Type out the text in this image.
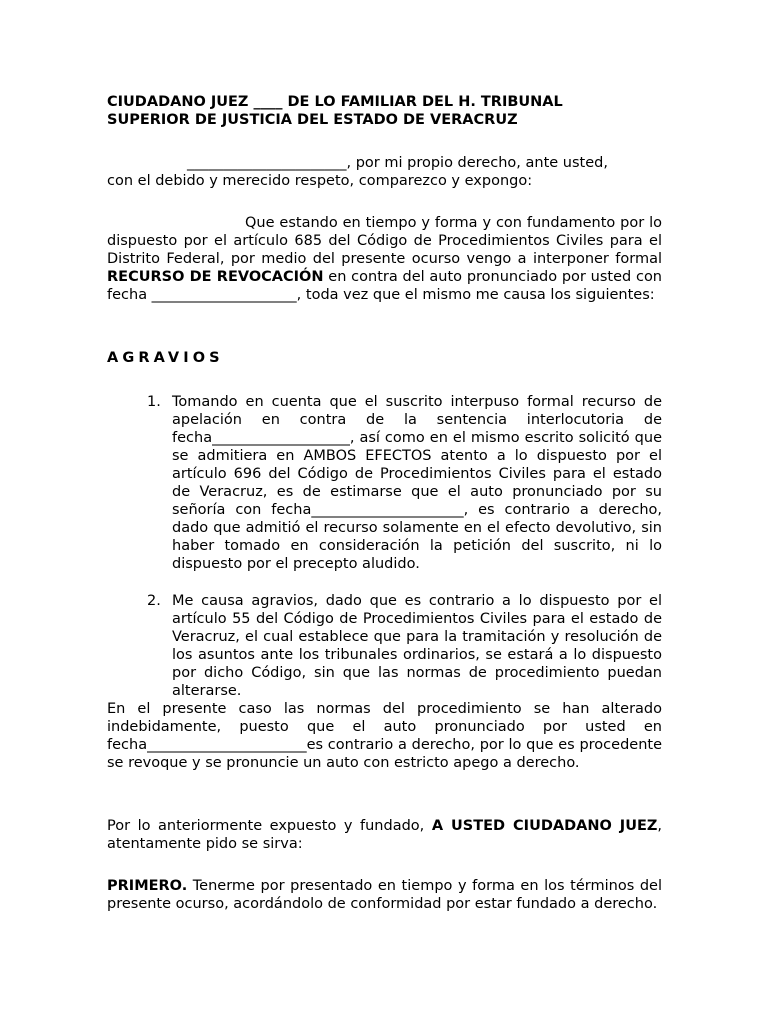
CIUDADANO JUEZ ____ DE LO FAMILIAR DEL H. TRIBUNAL
SUPERIOR DE JUSTICIA DEL ESTADO DE VERACRUZ
______________________, por mi propio derecho, ante usted,
con el debido y merecido respeto, comparezco y expongo:

Que estando en tiempo y forma y con fundamento por lo dispuesto por el artículo 685 del Código de Procedimientos Civiles para el Distrito Federal, por medio del presente ocurso vengo a interponer formal RECURSO DE REVOCACIÓN en contra del auto pronunciado por usted con fecha ____________________, toda vez que el mismo me causa los siguientes:

AGRAVIOS
1. Tomando en cuenta que el suscrito interpuso formal recurso de apelación en contra de la sentencia interlocutoria de fecha___________________, así como en el mismo escrito solicitó que se admitiera en AMBOS EFECTOS atento a lo dispuesto por el artículo 696 del Código de Procedimientos Civiles para el estado de Veracruz, es de estimarse que el auto pronunciado por su señoría con fecha_____________________, es contrario a derecho, dado que admitió el recurso solamente en el efecto devolutivo, sin haber tomado en consideración la petición del suscrito, ni lo dispuesto por el precepto aludido.
2. Me causa agravios, dado que es contrario a lo dispuesto por el artículo 55 del Código de Procedimientos Civiles para el estado de Veracruz, el cual establece que para la tramitación y resolución de los asuntos ante los tribunales ordinarios, se estará a lo dispuesto por dicho Código, sin que las normas de procedimiento puedan alterarse.

En el presente caso las normas del procedimiento se han alterado indebidamente, puesto que el auto pronunciado por usted en fecha______________________es contrario a derecho, por lo que es procedente se revoque y se pronuncie un auto con estricto apego a derecho.

Por lo anteriormente expuesto y fundado, A USTED CIUDADANO JUEZ, atentamente pido se sirva:

PRIMERO. Tenerme por presentado en tiempo y forma en los términos del presente ocurso, acordándolo de conformidad por estar fundado a derecho.
